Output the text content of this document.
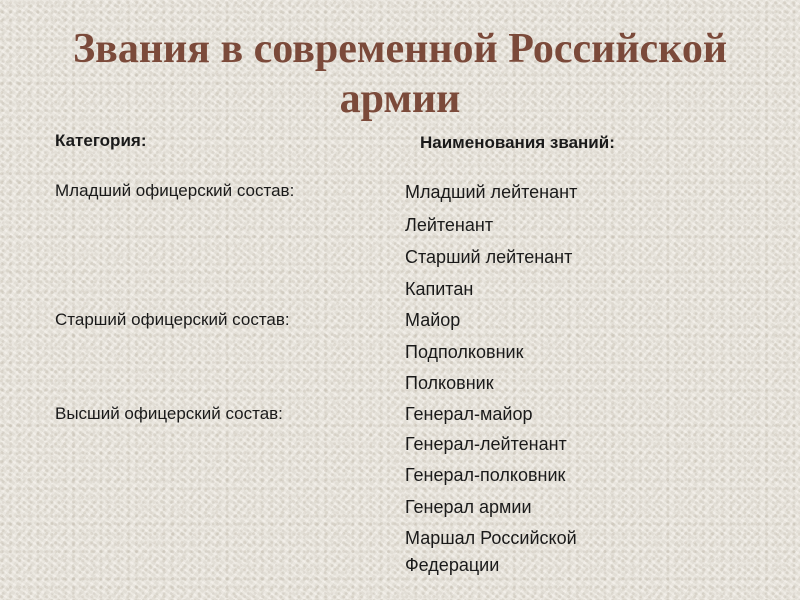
Звания в современной Российской армии
Категория:	Наименования званий:
Младший офицерский состав:
Старший офицерский состав:
Высший офицерский состав:
Младший лейтенант
Лейтенант
Старший лейтенант
Капитан
Майор
Подполковник
Полковник
Генерал-майор
Генерал-лейтенант
Генерал-полковник
Генерал армии
Маршал Российской
Федерации
